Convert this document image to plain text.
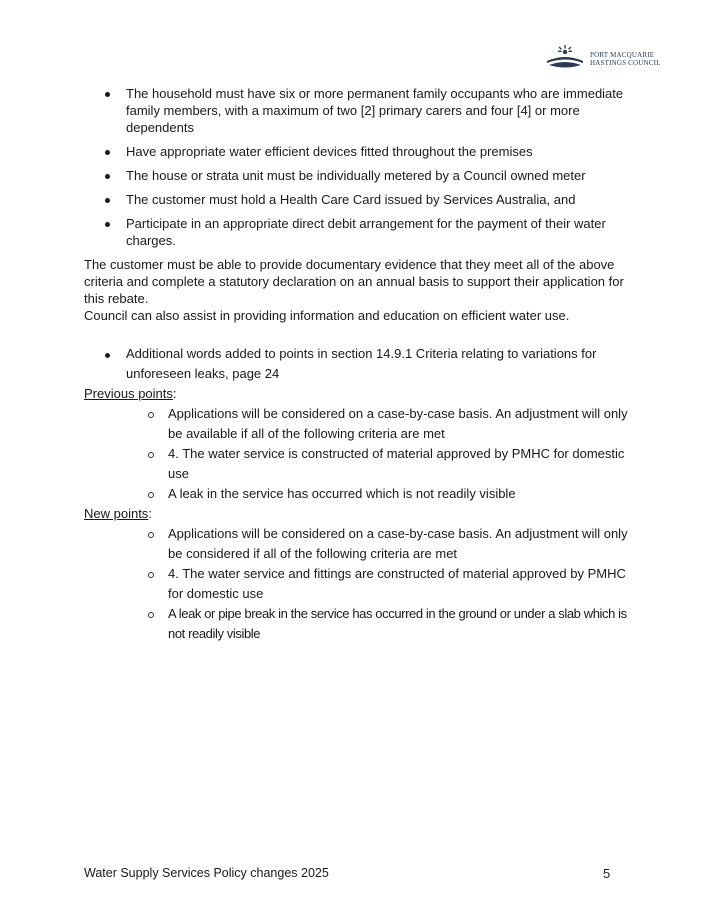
PORT MACQUARIE
HASTINGS COUNCIL
The household must have six or more permanent family occupants who are immediate family members, with a maximum of two [2] primary carers and four [4] or more dependents
Have appropriate water efficient devices fitted throughout the premises
The house or strata unit must be individually metered by a Council owned meter
The customer must hold a Health Care Card issued by Services Australia, and
Participate in an appropriate direct debit arrangement for the payment of their water charges.

The customer must be able to provide documentary evidence that they meet all of the above criteria and complete a statutory declaration on an annual basis to support their application for this rebate.

Council can also assist in providing information and education on efficient water use.

Additional words added to points in section 14.9.1 Criteria relating to variations for unforeseen leaks, page 24
Previous points:
Applications will be considered on a case-by-case basis. An adjustment will only be available if all of the following criteria are met
4. The water service is constructed of material approved by PMHC for domestic use
A leak in the service has occurred which is not readily visible
New points:
Applications will be considered on a case-by-case basis. An adjustment will only be considered if all of the following criteria are met
4. The water service and fittings are constructed of material approved by PMHC for domestic use
A leak or pipe break in the service has occurred in the ground or under a slab which is not readily visible
Water Supply Services Policy changes 2025	5
